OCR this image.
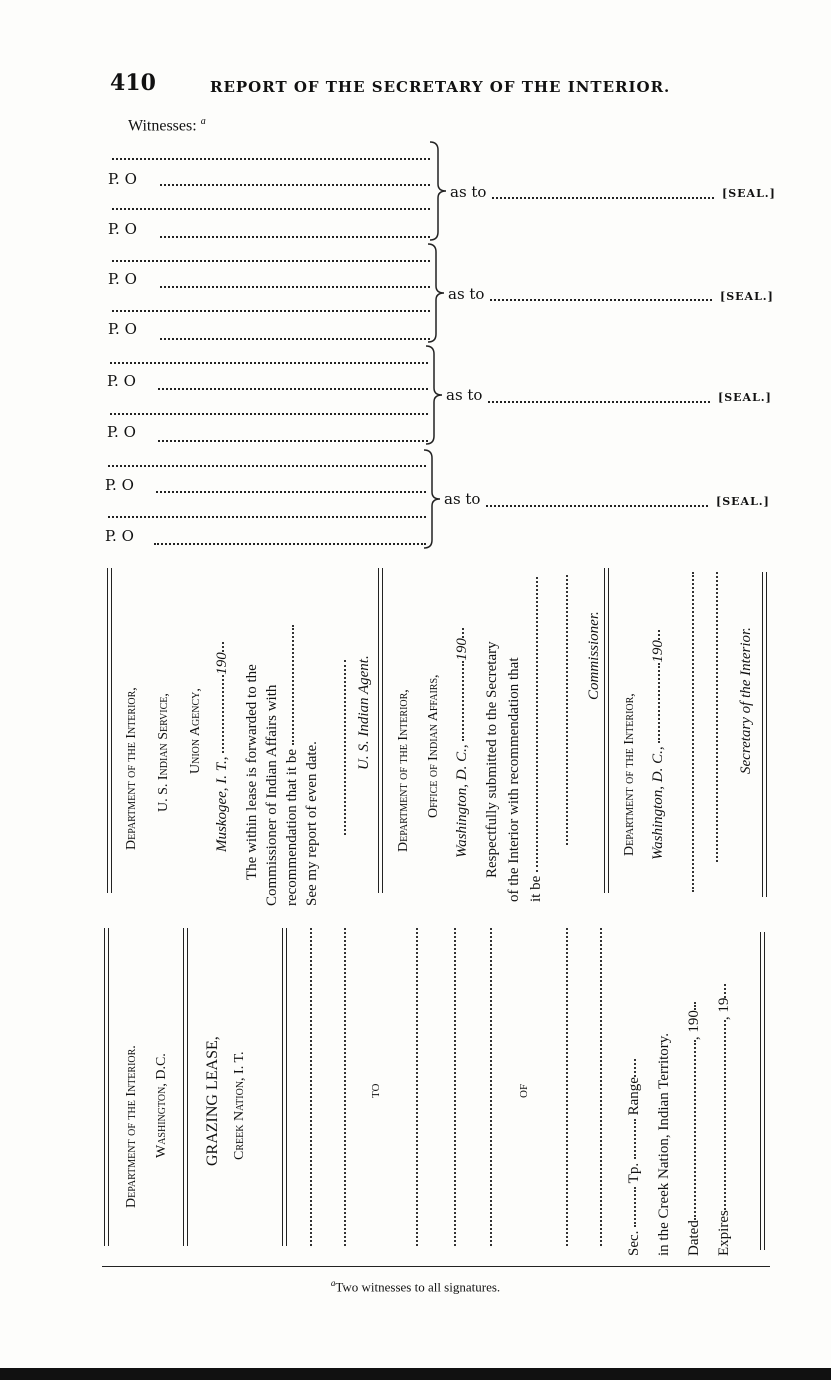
410	REPORT OF THE SECRETARY OF THE INTERIOR.
Witnesses: $^a$
P. O
P. O
as to	[SEAL.]
P. O
P. O
as to	[SEAL.]
P. O
P. O
as to	[SEAL.]
P. O
P. O
as to	[SEAL.]
Department of the Interior, U. S. Indian Service, Union Agency,
Muskogee, I. T., 190
The within lease is forwarded to the Commissioner of Indian Affairs with recommendation that it be See my report of even date.
U. S. Indian Agent. Department of the Interior, Office of Indian Affairs, Washington, D. C., 190 Respectfully submitted to the Secretary of the Interior with recommendation that it be
Commissioner.
Department of the Interior, Washington, D. C., 190	Secretary of the Interior.
Department of the Interior. Washington, D.C. GRAZING LEASE, Creek Nation, I. T.	TO	OF
Sec.  Tp.  Range in the Creek Nation, Indian Territory. Dated, 190
Expires, 19
$^a$Two witnesses to all signatures.
